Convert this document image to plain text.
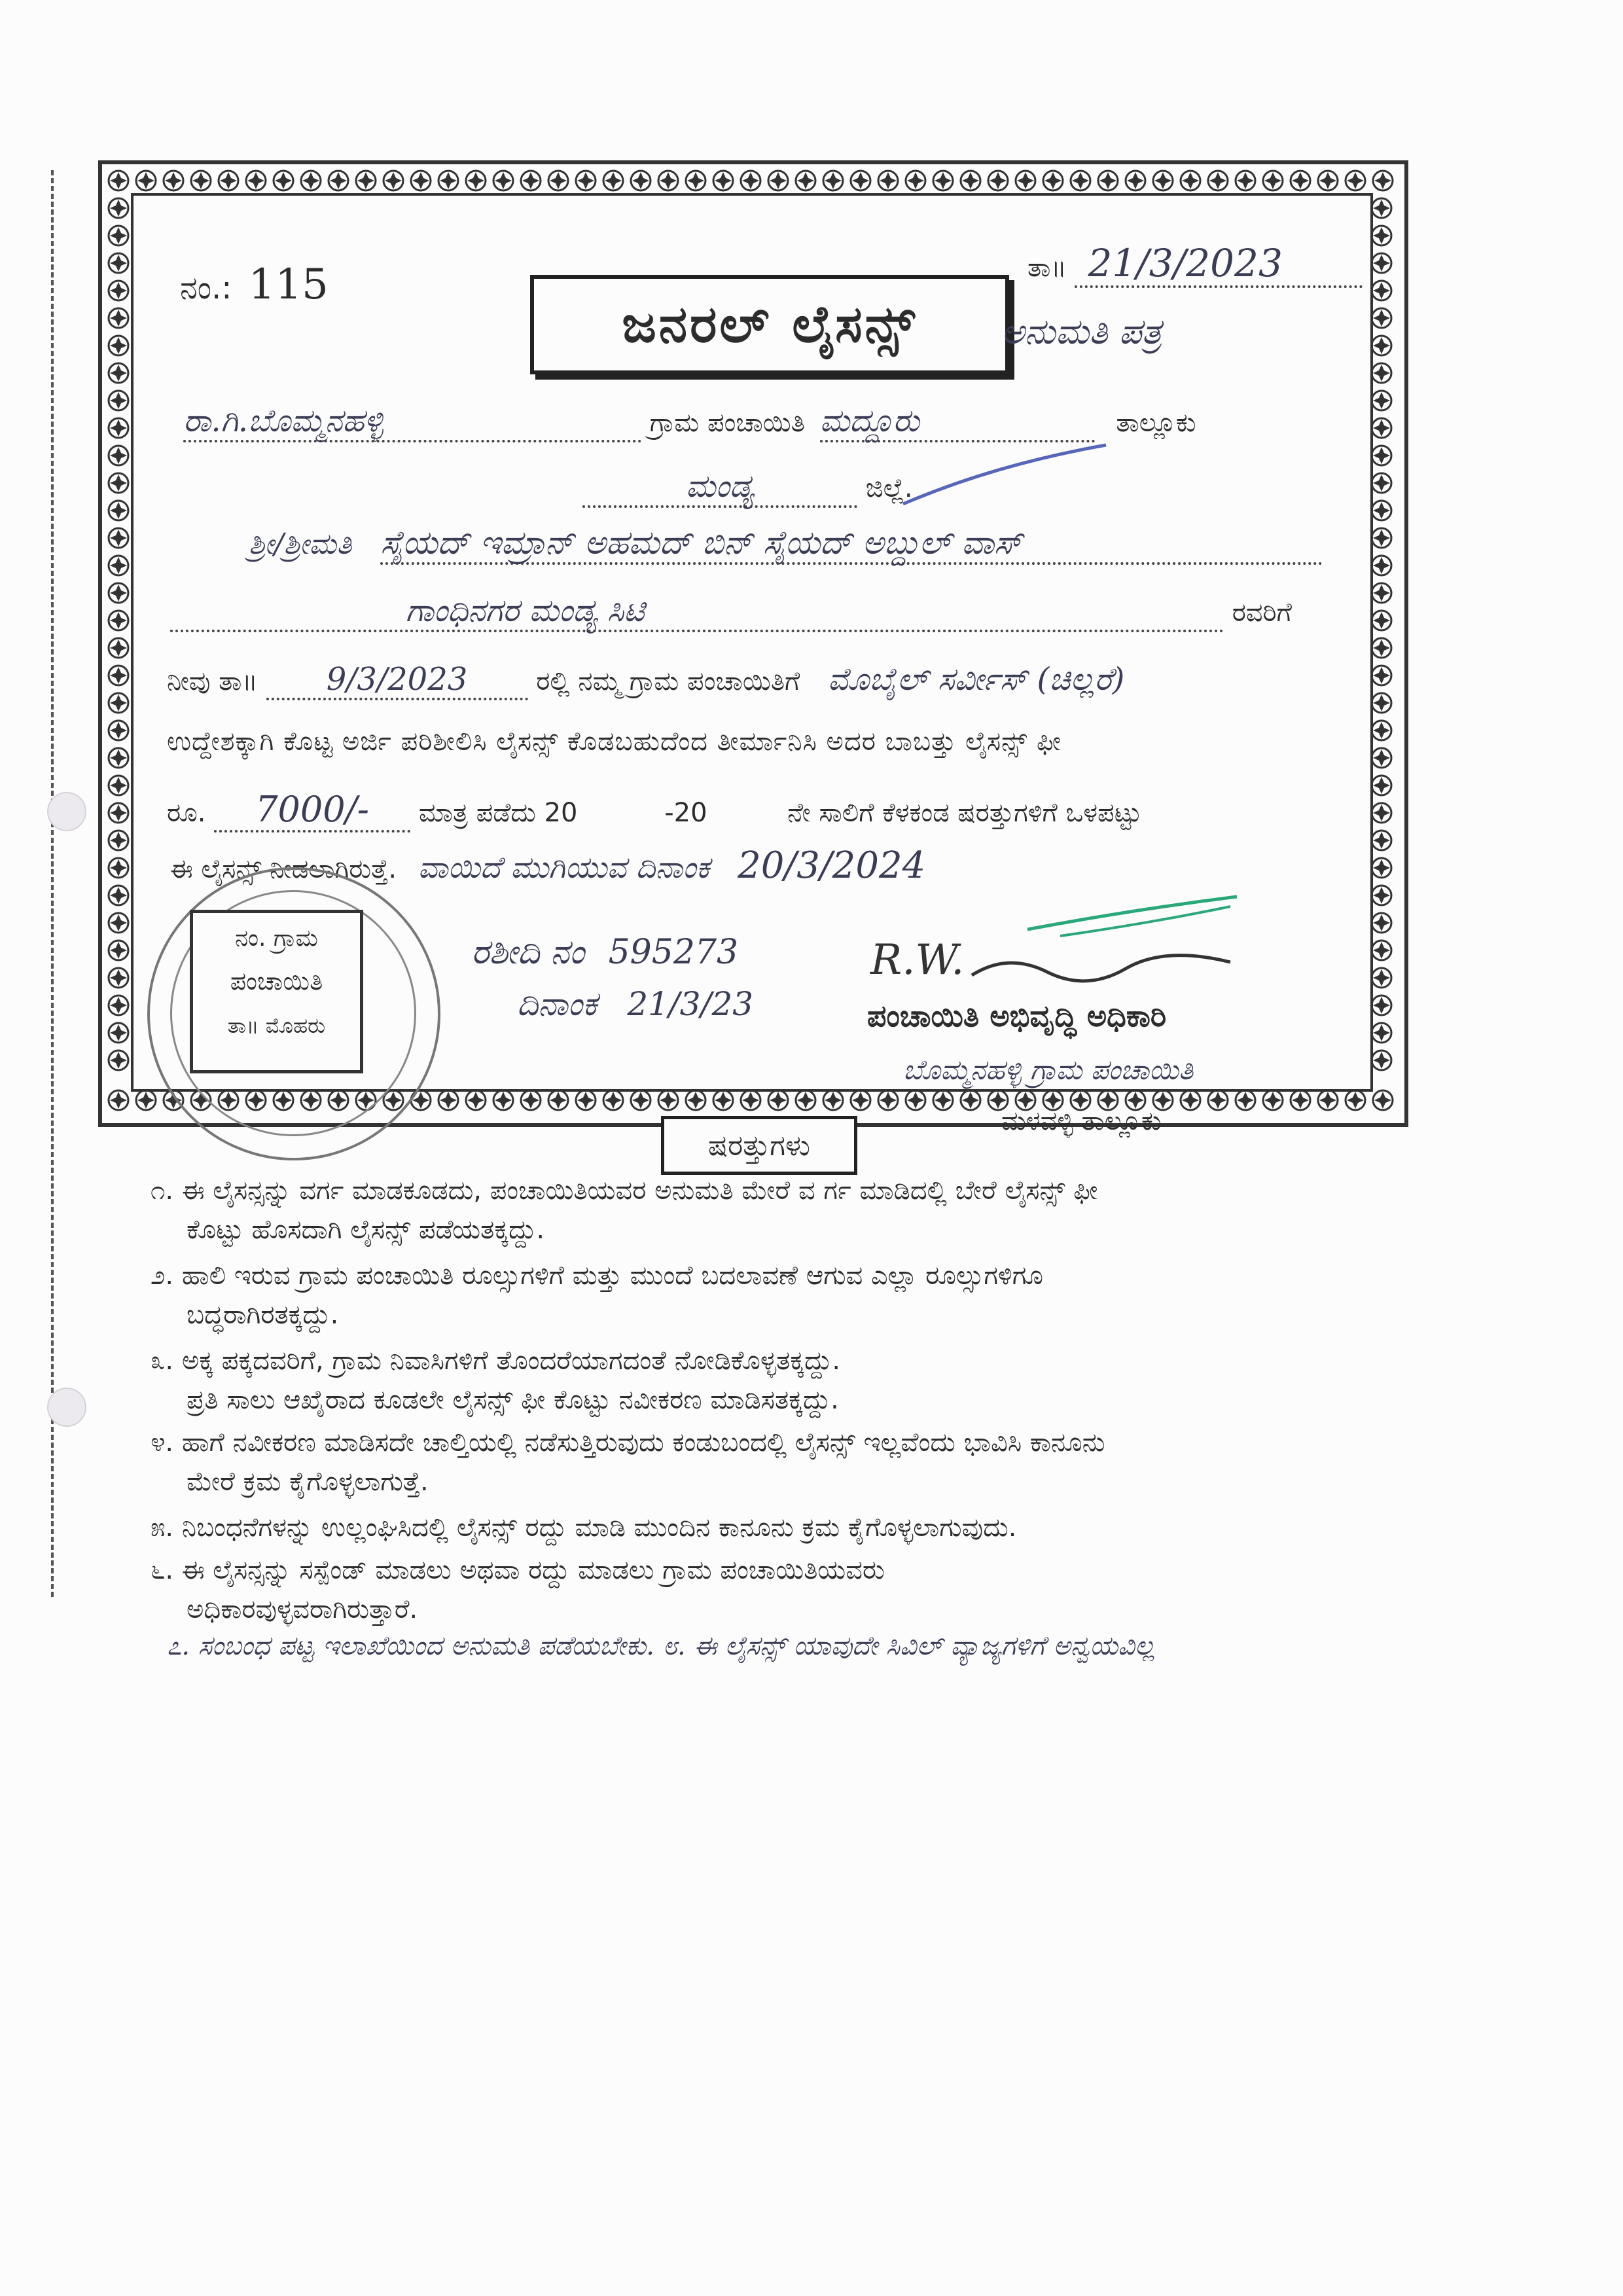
ನಂ.: 115	ತಾ॥ 21/3/2023
ಜನರಲ್ ಲೈಸನ್ಸ್	ಅನುಮತಿ ಪತ್ರ
ರಾ.ಗಿ.ಬೊಮ್ಮನಹಳ್ಳಿ	ಗ್ರಾಮ ಪಂಚಾಯಿತಿ ಮದ್ದೂರು	ತಾಲ್ಲೂಕು
ಮಂಡ್ಯ	ಜಿಲ್ಲೆ.
ಶ್ರೀ/ಶ್ರೀಮತಿ ಸೈಯದ್ ಇಮ್ರಾನ್ ಅಹಮದ್ ಬಿನ್ ಸೈಯದ್ ಅಬ್ದುಲ್ ವಾಸ್
ಗಾಂಧಿನಗರ ಮಂಡ್ಯ ಸಿಟಿ	ರವರಿಗೆ
ನೀವು ತಾ॥ 9/3/2023	ರಲ್ಲಿ ನಮ್ಮ ಗ್ರಾಮ ಪಂಚಾಯಿತಿಗೆ ಮೊಬೈಲ್ ಸರ್ವೀಸ್ (ಚಿಲ್ಲರೆ)
ಉದ್ದೇಶಕ್ಕಾಗಿ ಕೊಟ್ಟ ಅರ್ಜಿ ಪರಿಶೀಲಿಸಿ ಲೈಸನ್ಸ್ ಕೊಡಬಹುದೆಂದ ತೀರ್ಮಾನಿಸಿ ಅದರ ಬಾಬತ್ತು ಲೈಸನ್ಸ್ ಫೀ
ರೂ. 7000/- ಮಾತ್ರ ಪಡೆದು 20	-20	ನೇ ಸಾಲಿಗೆ ಕೆಳಕಂಡ ಷರತ್ತುಗಳಿಗೆ ಒಳಪಟ್ಟು
ಈ ಲೈಸನ್ಸ್ ನೀಡಲಾಗಿರುತ್ತೆ. ವಾಯಿದೆ ಮುಗಿಯುವ ದಿನಾಂಕ 20/3/2024
ರಶೀದಿ ನಂ 595273
ದಿನಾಂಕ 21/3/23
ನಂ. ಗ್ರಾಮ
ಪಂಚಾಯಿತಿ
ತಾ॥ ಮೊಹರು
R.W.
ಪಂಚಾಯಿತಿ ಅಭಿವೃದ್ಧಿ ಅಧಿಕಾರಿ
ಬೊಮ್ಮನಹಳ್ಳಿ ಗ್ರಾಮ ಪಂಚಾಯಿತಿ
ಮಳವಳ್ಳಿ ತಾಲ್ಲೂಕು
ಷರತ್ತುಗಳು
೧. ಈ ಲೈಸನ್ಸನ್ನು ವರ್ಗ ಮಾಡಕೂಡದು, ಪಂಚಾಯಿತಿಯವರ ಅನುಮತಿ ಮೇರೆ ವ ರ್ಗ ಮಾಡಿದಲ್ಲಿ ಬೇರೆ ಲೈಸನ್ಸ್ ಫೀ
ಕೊಟ್ಟು ಹೊಸದಾಗಿ ಲೈಸನ್ಸ್ ಪಡೆಯತಕ್ಕದ್ದು.
೨. ಹಾಲಿ ಇರುವ ಗ್ರಾಮ ಪಂಚಾಯಿತಿ ರೂಲ್ಸುಗಳಿಗೆ ಮತ್ತು ಮುಂದೆ ಬದಲಾವಣೆ ಆಗುವ ಎಲ್ಲಾ ರೂಲ್ಸುಗಳಿಗೂ
ಬದ್ಧರಾಗಿರತಕ್ಕದ್ದು.
೩. ಅಕ್ಕ ಪಕ್ಕದವರಿಗೆ, ಗ್ರಾಮ ನಿವಾಸಿಗಳಿಗೆ ತೊಂದರೆಯಾಗದಂತೆ ನೋಡಿಕೊಳ್ಳತಕ್ಕದ್ದು.
ಪ್ರತಿ ಸಾಲು ಆಖೈರಾದ ಕೂಡಲೇ ಲೈಸನ್ಸ್ ಫೀ ಕೊಟ್ಟು ನವೀಕರಣ ಮಾಡಿಸತಕ್ಕದ್ದು.
೪. ಹಾಗೆ ನವೀಕರಣ ಮಾಡಿಸದೇ ಚಾಲ್ತಿಯಲ್ಲಿ ನಡೆಸುತ್ತಿರುವುದು ಕಂಡುಬಂದಲ್ಲಿ ಲೈಸನ್ಸ್ ಇಲ್ಲವೆಂದು ಭಾವಿಸಿ ಕಾನೂನು
ಮೇರೆ ಕ್ರಮ ಕೈಗೊಳ್ಳಲಾಗುತ್ತೆ.
೫. ನಿಬಂಧನೆಗಳನ್ನು ಉಲ್ಲಂಘಿಸಿದಲ್ಲಿ ಲೈಸನ್ಸ್ ರದ್ದು ಮಾಡಿ ಮುಂದಿನ ಕಾನೂನು ಕ್ರಮ ಕೈಗೊಳ್ಳಲಾಗುವುದು.
೬. ಈ ಲೈಸನ್ಸನ್ನು ಸಸ್ಪೆಂಡ್ ಮಾಡಲು ಅಥವಾ ರದ್ದು ಮಾಡಲು ಗ್ರಾಮ ಪಂಚಾಯಿತಿಯವರು
ಅಧಿಕಾರವುಳ್ಳವರಾಗಿರುತ್ತಾರೆ.
೭. ಸಂಬಂಧ ಪಟ್ಟ ಇಲಾಖೆಯಿಂದ ಅನುಮತಿ ಪಡೆಯಬೇಕು. ೮. ಈ ಲೈಸನ್ಸ್ ಯಾವುದೇ ಸಿವಿಲ್ ವ್ಯಾಜ್ಯಗಳಿಗೆ ಅನ್ವಯವಿಲ್ಲ
